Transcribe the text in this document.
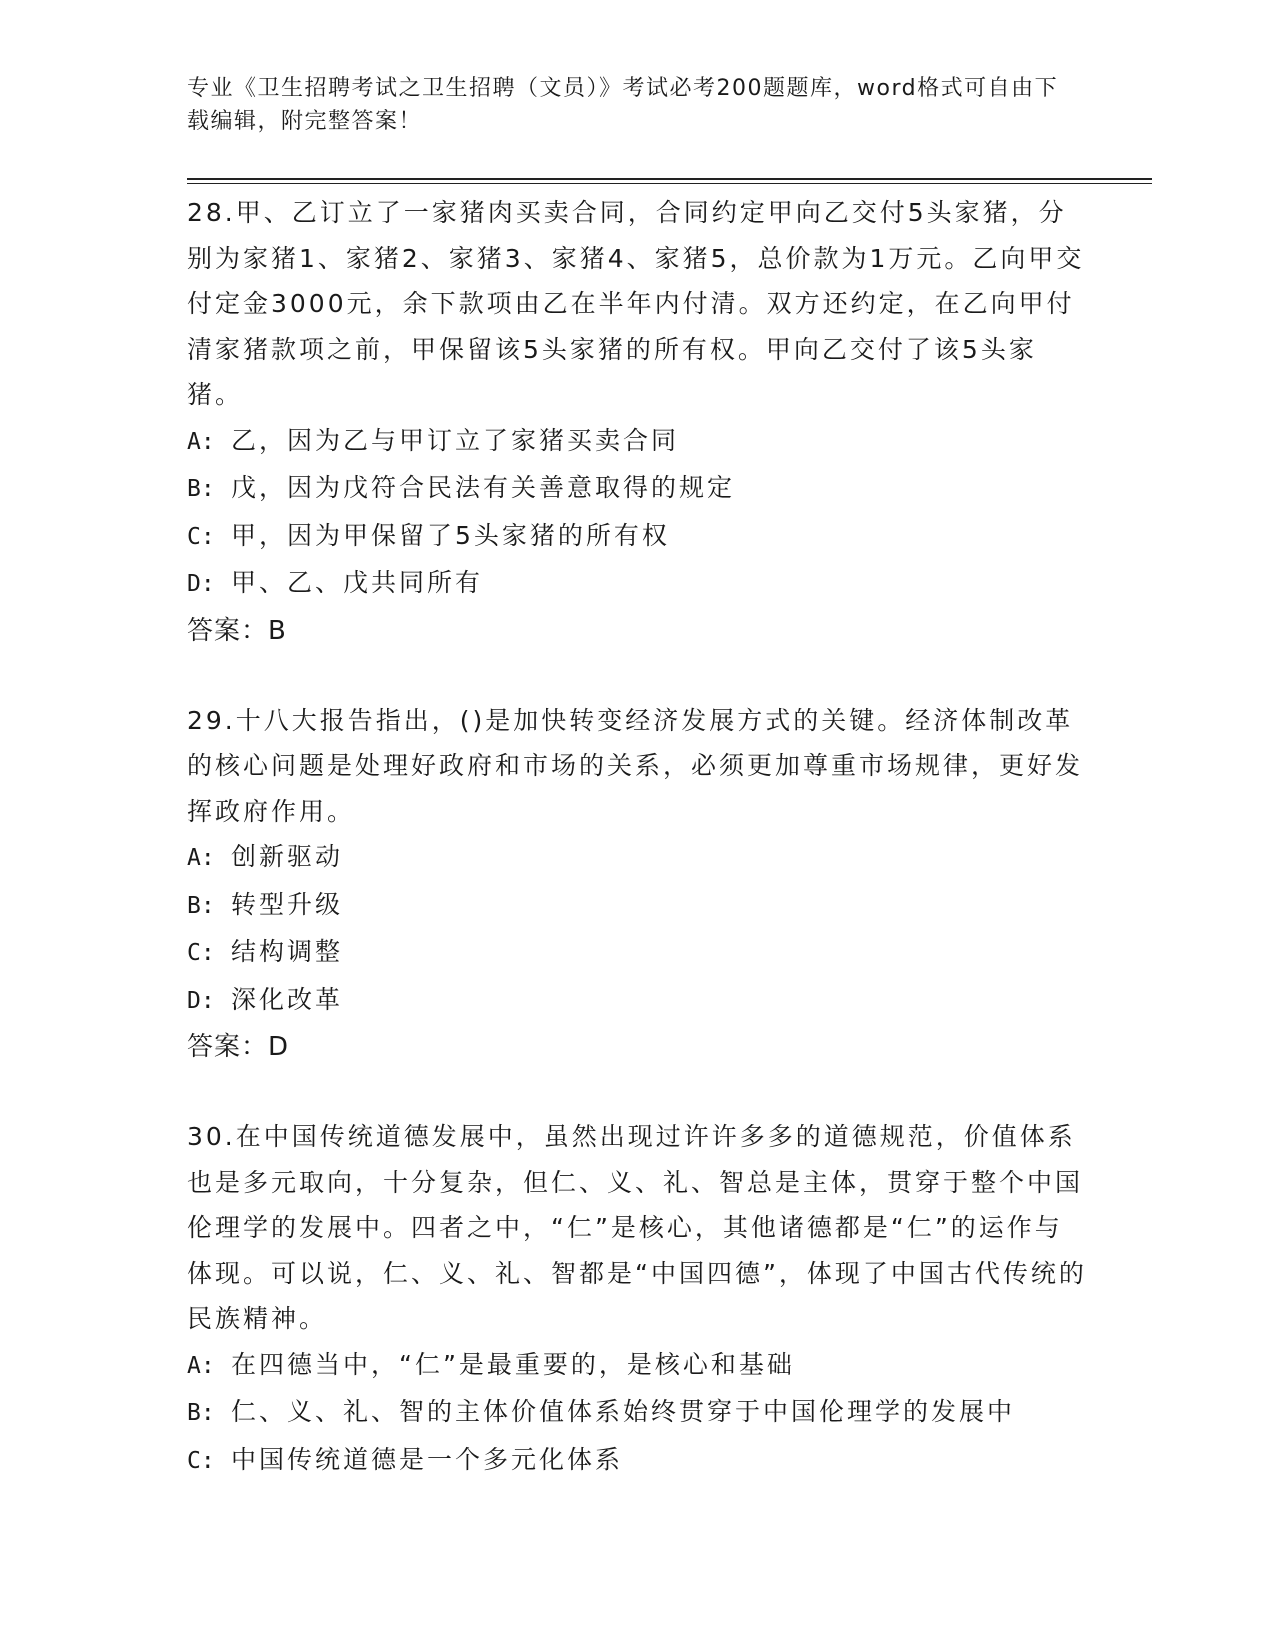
专业《卫生招聘考试之卫生招聘（文员）》考试必考200题题库，word格式可自由下载编辑，附完整答案！

28.甲、乙订立了一家猪肉买卖合同，合同约定甲向乙交付5头家猪，分别为家猪1、家猪2、家猪3、家猪4、家猪5，总价款为1万元。乙向甲交付定金3000元，余下款项由乙在半年内付清。双方还约定，在乙向甲付清家猪款项之前，甲保留该5头家猪的所有权。甲向乙交付了该5头家猪。

A: 乙，因为乙与甲订立了家猪买卖合同

B: 戊，因为戊符合民法有关善意取得的规定

C: 甲，因为甲保留了5头家猪的所有权

D: 甲、乙、戊共同所有

答案：B

29.十八大报告指出，()是加快转变经济发展方式的关键。经济体制改革的核心问题是处理好政府和市场的关系，必须更加尊重市场规律，更好发挥政府作用。

A: 创新驱动

B: 转型升级

C: 结构调整

D: 深化改革

答案：D

30.在中国传统道德发展中，虽然出现过许许多多的道德规范，价值体系也是多元取向，十分复杂，但仁、义、礼、智总是主体，贯穿于整个中国伦理学的发展中。四者之中，“仁”是核心，其他诸德都是“仁”的运作与体现。可以说，仁、义、礼、智都是“中国四德”，体现了中国古代传统的民族精神。

A: 在四德当中，“仁”是最重要的，是核心和基础

B: 仁、义、礼、智的主体价值体系始终贯穿于中国伦理学的发展中

C: 中国传统道德是一个多元化体系
